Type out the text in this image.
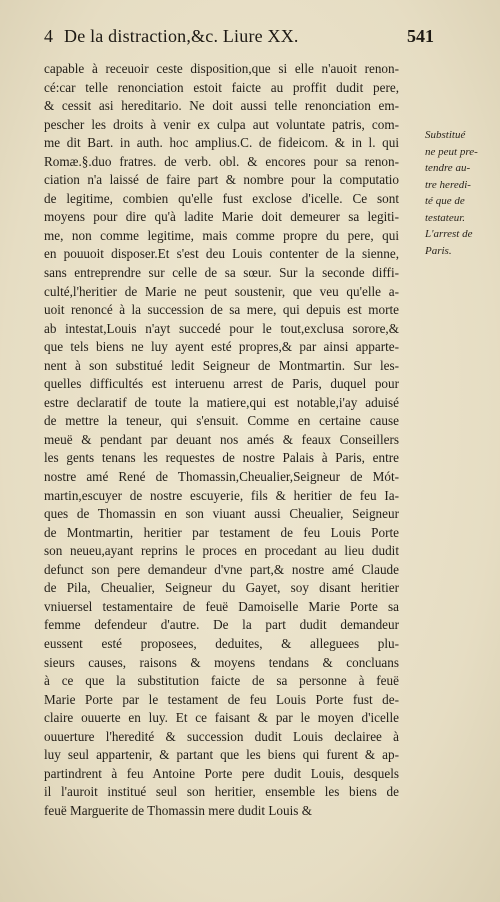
4 De la distraction,&c. Liure XX.	541
capable à receuoir ceste disposition,que si elle n'auoit renon-
cé:car telle renonciation estoit faicte au proffit dudit pere,
& cessit asi hereditario. Ne doit aussi telle renonciation em-
pescher les droits à venir ex culpa aut voluntate patris, com-
me dit Bart. in auth. hoc amplius.C. de fideicom. & in l. qui
Romæ.§.duo fratres. de verb. obl. & encores pour sa renon-
ciation n'a laissé de faire part & nombre pour la computatio
de legitime, combien qu'elle fust exclose d'icelle. Ce sont
moyens pour dire qu'à ladite Marie doit demeurer sa legiti-
me, non comme legitime, mais comme propre du pere, qui
en pouuoit disposer.Et s'est deu Louis contenter de la sienne,
sans entreprendre sur celle de sa sœur. Sur la seconde diffi-
culté,l'heritier de Marie ne peut soustenir, que veu qu'elle a-
uoit renoncé à la succession de sa mere, qui depuis est morte
ab intestat,Louis n'ayt succedé pour le tout,exclusa sorore,&
que tels biens ne luy ayent esté propres,& par ainsi apparte-
nent à son substitué ledit Seigneur de Montmartin. Sur les-
quelles difficultés est interuenu arrest de Paris, duquel pour
estre declaratif de toute la matiere,qui est notable,i'ay aduisé
de mettre la teneur, qui s'ensuit. Comme en certaine cause
meuë & pendant par deuant nos amés & feaux Conseillers
les gents tenans les requestes de nostre Palais à Paris, entre
nostre amé René de Thomassin,Cheualier,Seigneur de Mót-
martin,escuyer de nostre escuyerie, fils & heritier de feu Ia-
ques de Thomassin en son viuant aussi Cheualier, Seigneur
de Montmartin, heritier par testament de feu Louis Porte
son neueu,ayant reprins le proces en procedant au lieu dudit
defunct son pere demandeur d'vne part,& nostre amé Claude
de Pila, Cheualier, Seigneur du Gayet, soy disant heritier
vniuersel testamentaire de feuë Damoiselle Marie Porte sa
femme defendeur d'autre. De la part dudit demandeur
eussent esté proposees, deduites, & alleguees plu-
sieurs causes, raisons & moyens tendans & concluans
à ce que la substitution faicte de sa personne à feuë
Marie Porte par le testament de feu Louis Porte fust de-
claire ouuerte en luy. Et ce faisant & par le moyen d'icelle
ouuerture l'heredité & succession dudit Louis declairee à
luy seul appartenir, & partant que les biens qui furent & ap-
partindrent à feu Antoine Porte pere dudit Louis, desquels
il l'auroit institué seul son heritier, ensemble les biens de
feuë Marguerite de Thomassin mere dudit Louis &
Substitué
ne peut pre-
tendre au-
tre heredi-
té que de
testateur.
L'arrest de
Paris.
